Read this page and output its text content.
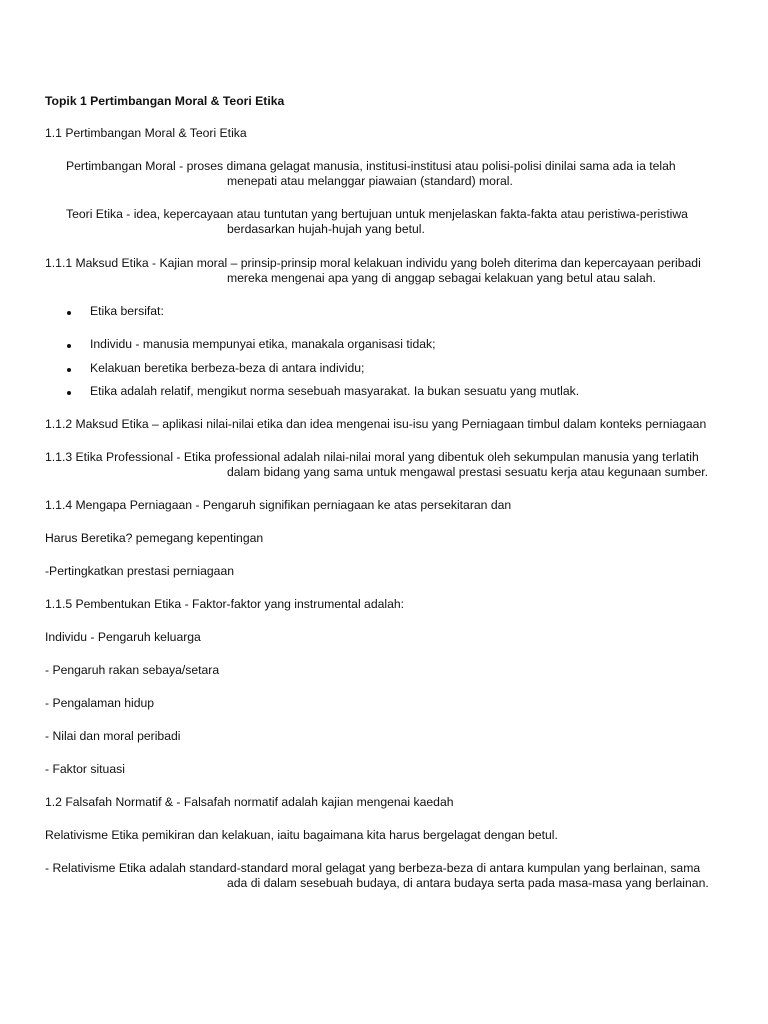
Topik 1 Pertimbangan Moral & Teori Etika
1.1 Pertimbangan Moral & Teori Etika
Pertimbangan Moral - proses dimana gelagat manusia, institusi-institusi atau polisi-polisi dinilai sama ada ia telah
menepati atau melanggar piawaian (standard) moral.
Teori Etika - idea, kepercayaan atau tuntutan yang bertujuan untuk menjelaskan fakta-fakta atau peristiwa-peristiwa
berdasarkan hujah-hujah yang betul.
1.1.1 Maksud Etika - Kajian moral – prinsip-prinsip moral kelakuan individu yang boleh diterima dan kepercayaan peribadi
mereka mengenai apa yang di anggap sebagai kelakuan yang betul atau salah.
Etika bersifat:
Individu - manusia mempunyai etika, manakala organisasi tidak;
Kelakuan beretika berbeza-beza di antara individu;
Etika adalah relatif, mengikut norma sesebuah masyarakat. Ia bukan sesuatu yang mutlak.
1.1.2 Maksud Etika – aplikasi nilai-nilai etika dan idea mengenai isu-isu yang Perniagaan timbul dalam konteks perniagaan
1.1.3 Etika Professional - Etika professional adalah nilai-nilai moral yang dibentuk oleh sekumpulan manusia yang terlatih
dalam bidang yang sama untuk mengawal prestasi sesuatu kerja atau kegunaan sumber.
1.1.4 Mengapa Perniagaan - Pengaruh signifikan perniagaan ke atas persekitaran dan
Harus Beretika? pemegang kepentingan
-Pertingkatkan prestasi perniagaan
1.1.5 Pembentukan Etika - Faktor-faktor yang instrumental adalah:
Individu - Pengaruh keluarga
- Pengaruh rakan sebaya/setara
- Pengalaman hidup
- Nilai dan moral peribadi
- Faktor situasi
1.2 Falsafah Normatif & - Falsafah normatif adalah kajian mengenai kaedah
Relativisme Etika pemikiran dan kelakuan, iaitu bagaimana kita harus bergelagat dengan betul.
- Relativisme Etika adalah standard-standard moral gelagat yang berbeza-beza di antara kumpulan yang berlainan, sama
ada di dalam sesebuah budaya, di antara budaya serta pada masa-masa yang berlainan.
